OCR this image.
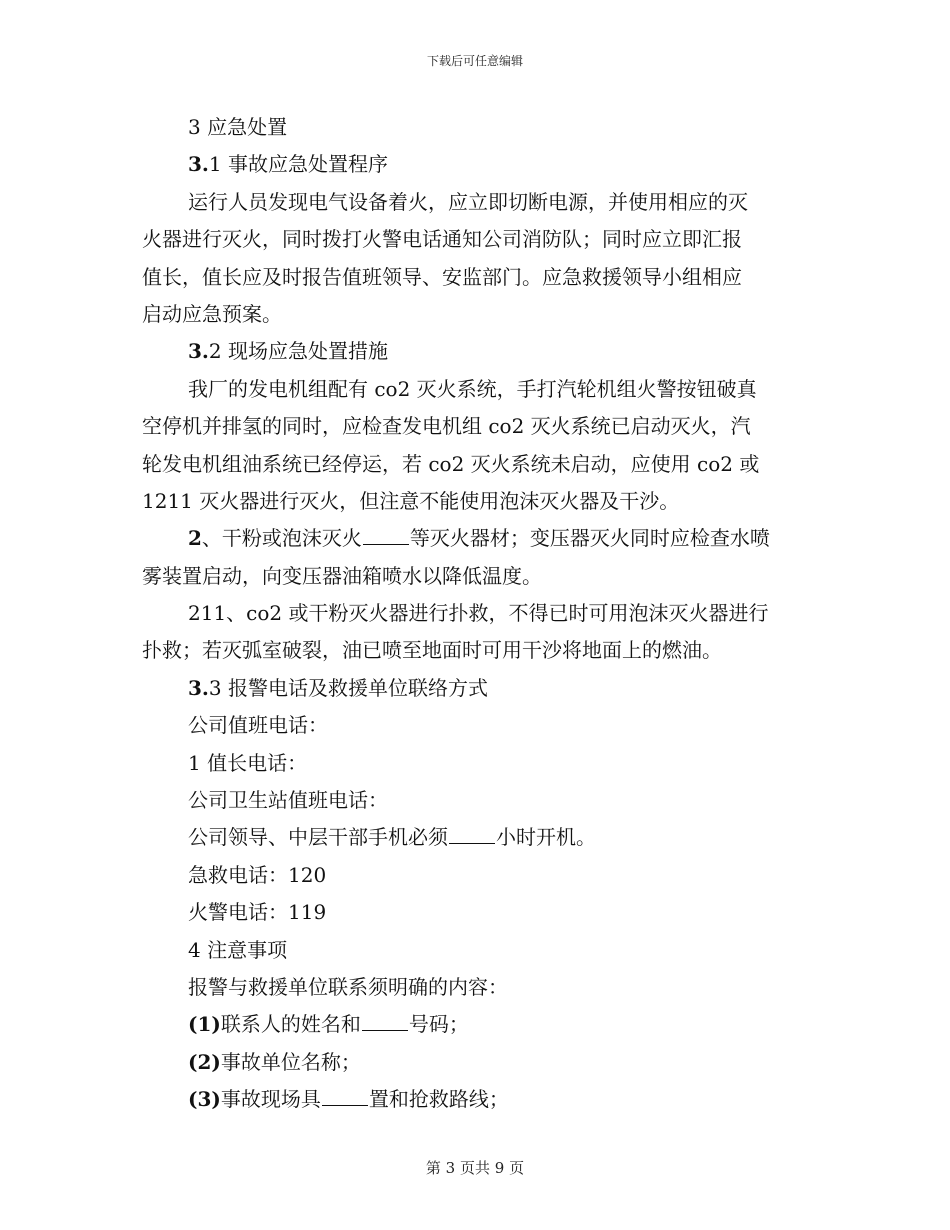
下载后可任意编辑
3 应急处置
3.1 事故应急处置程序
运行人员发现电气设备着火，应立即切断电源，并使用相应的灭
火器进行灭火，同时拨打火警电话通知公司消防队；同时应立即汇报
值长，值长应及时报告值班领导、安监部门。应急救援领导小组相应
启动应急预案。
3.2 现场应急处置措施
我厂的发电机组配有 co2 灭火系统，手打汽轮机组火警按钮破真
空停机并排氢的同时，应检查发电机组 co2 灭火系统已启动灭火，汽
轮发电机组油系统已经停运，若 co2 灭火系统未启动，应使用 co2 或
1211 灭火器进行灭火，但注意不能使用泡沫灭火器及干沙。
2、干粉或泡沫灭火 等灭火器材；变压器灭火同时应检查水喷
雾装置启动，向变压器油箱喷水以降低温度。
211、co2 或干粉灭火器进行扑救，不得已时可用泡沫灭火器进行
扑救；若灭弧室破裂，油已喷至地面时可用干沙将地面上的燃油。
3.3 报警电话及救援单位联络方式
公司值班电话：
1 值长电话：
公司卫生站值班电话：
公司领导、中层干部手机必须 小时开机。
急救电话：120
火警电话：119
4 注意事项
报警与救援单位联系须明确的内容：
(1)联系人的姓名和 号码；
(2)事故单位名称；
(3)事故现场具 置和抢救路线；
第 3 页共 9 页
